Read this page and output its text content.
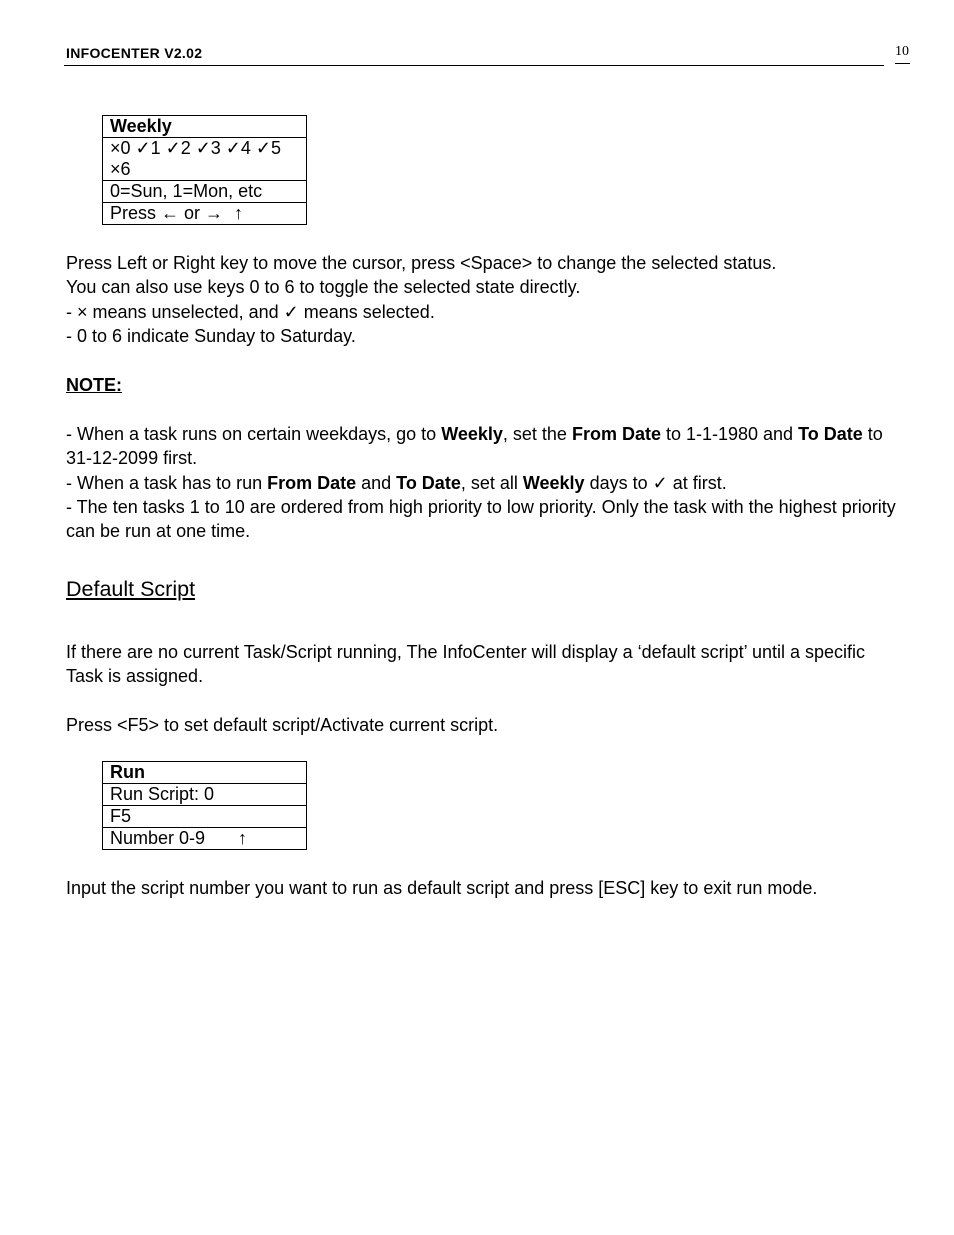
INFOCENTER V2.02	10
Weekly
×0 ✓1 ✓2 ✓3 ✓4 ✓5
×6
0=Sun, 1=Mon, etc
Press ← or → ↑
Press Left or Right key to move the cursor, press <Space> to change the selected status.
You can also use keys 0 to 6 to toggle the selected state directly.
- × means unselected, and ✓ means selected.
- 0 to 6 indicate Sunday to Saturday.
NOTE:
- When a task runs on certain weekdays, go to Weekly, set the From Date to 1-1-1980 and To Date to 31-12-2099 first.
- When a task has to run From Date and To Date, set all Weekly days to ✓ at first.
- The ten tasks 1 to 10 are ordered from high priority to low priority. Only the task with the highest priority can be run at one time.
Default Script
If there are no current Task/Script running, The InfoCenter will display a ‘default script’ until a specific Task is assigned.
Press <F5> to set default script/Activate current script.
Run
Run Script: 0
F5
Number 0-9 ↑
Input the script number you want to run as default script and press [ESC] key to exit run mode.
